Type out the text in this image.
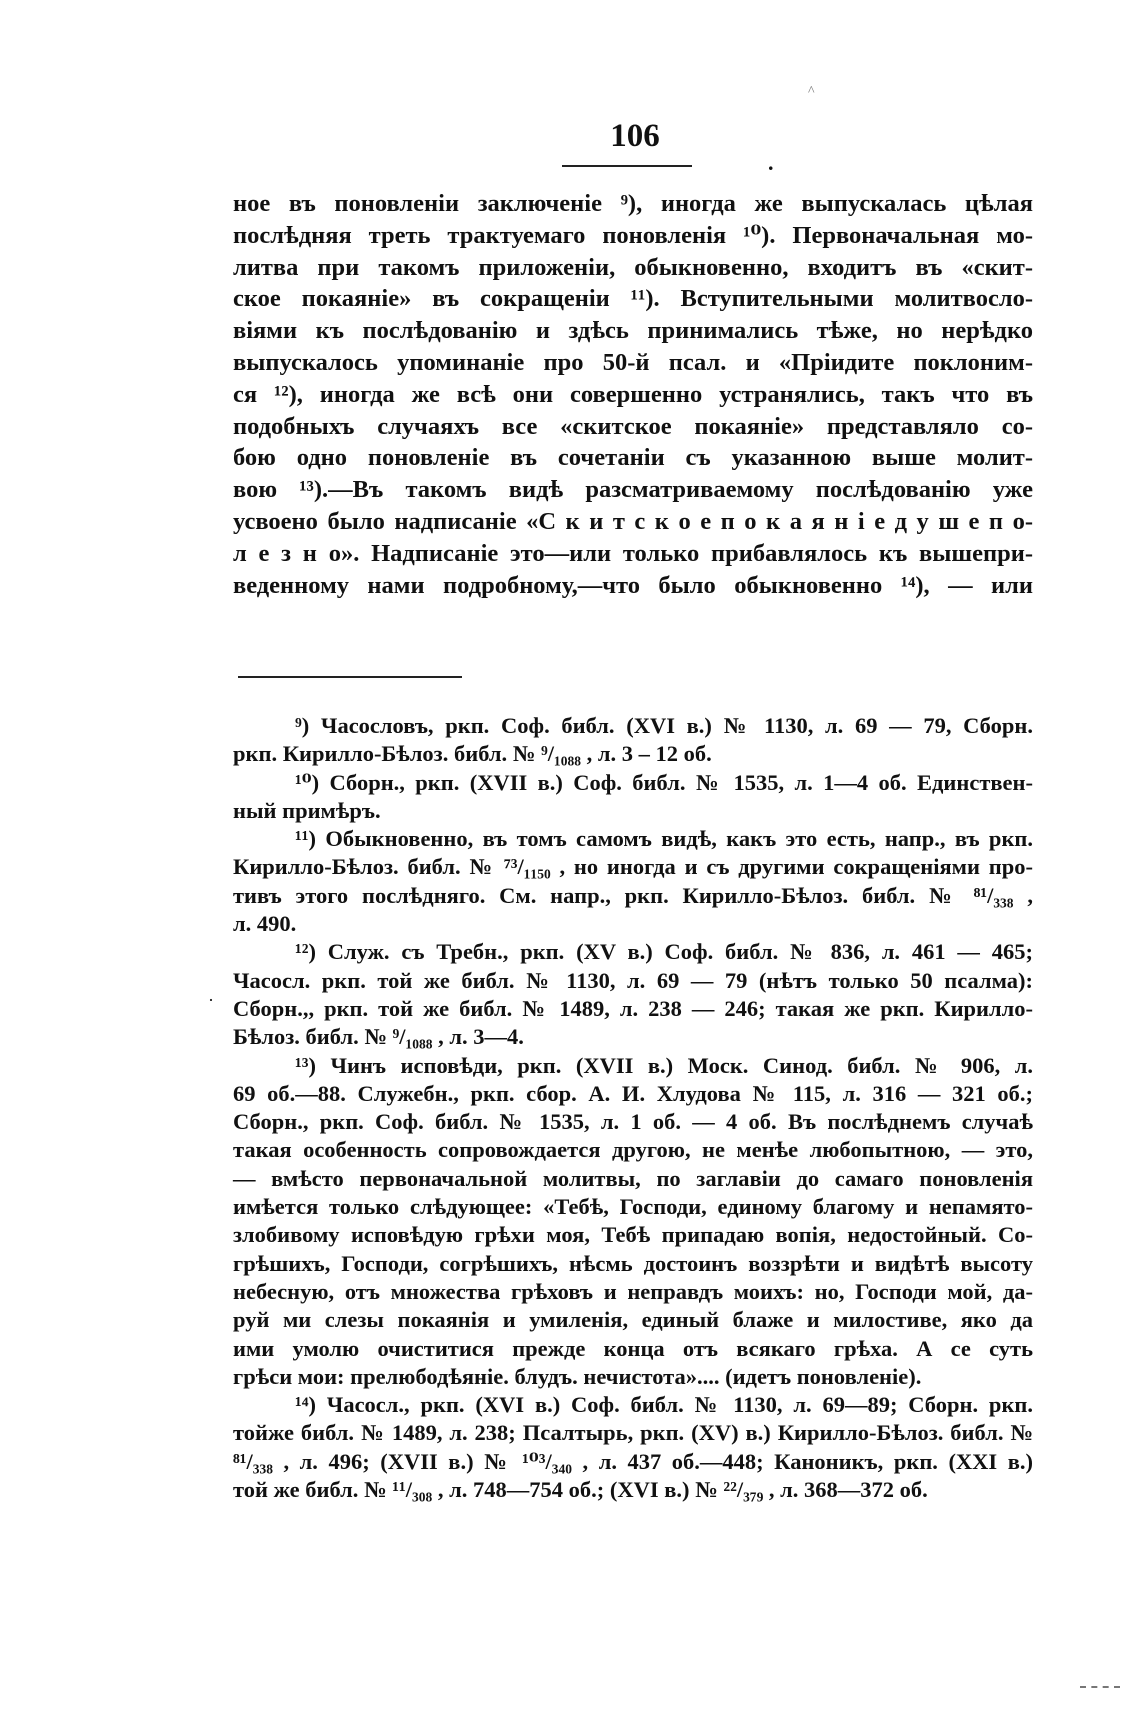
^
106
.
ное въ поновленіи заключеніе ⁹), иногда же выпускалась цѣлая
послѣдняя треть трактуемаго поновленія ¹⁰). Первоначальная мо-
литва при такомъ приложеніи, обыкновенно, входитъ въ «скит-
ское покаяніе» въ сокращеніи ¹¹). Вступительными молитвосло-
віями къ послѣдованію и здѣсь принимались тѣже, но нерѣдко
выпускалось упоминаніе про 50-й псал. и «Пріидите поклоним-
ся ¹²), иногда же всѣ они совершенно устранялись, такъ что въ
подобныхъ случаяхъ все «скитское покаяніе» представляло со-
бою одно поновленіе въ сочетаніи съ указанною выше молит-
вою ¹³).—Въ такомъ видѣ разсматриваемому послѣдованію уже
усвоено было надписаніе «С к и т с к о е п о к а я н і е д у ш е п о-
л е з н о». Надписаніе это—или только прибавлялось къ вышепри-
веденному нами подробному,—что было обыкновенно ¹⁴), — или
·
⁹) Часословъ, ркп. Соф. библ. (XVI в.) № 1130, л. 69 — 79, Сборн.
ркп. Кирилло-Бѣлоз. библ. № ⁹/₁₀₈₈ , л. 3 – 12 об.
¹⁰) Сборн., ркп. (XVII в.) Соф. библ. № 1535, л. 1—4 об. Единствен-
ный примѣръ.
¹¹) Обыкновенно, въ томъ самомъ видѣ, какъ это есть, напр., въ ркп.
Кирилло-Бѣлоз. библ. № ⁷³/₁₁₅₀ , но иногда и съ другими сокращеніями про-
тивъ этого послѣдняго. См. напр., ркп. Кирилло-Бѣлоз. библ. № ⁸¹/₃₃₈ ,
л. 490.
¹²) Служ. съ Требн., ркп. (XV в.) Соф. библ. № 836, л. 461 — 465;
Часосл. ркп. той же библ. № 1130, л. 69 — 79 (нѣтъ только 50 псалма):
Сборн.,, ркп. той же библ. № 1489, л. 238 — 246; такая же ркп. Кирилло-
Бѣлоз. библ. № ⁹/₁₀₈₈ , л. 3—4.
¹³) Чинъ исповѣди, ркп. (XVII в.) Моск. Синод. библ. № 906, л.
69 об.—88. Служебн., ркп. сбор. А. И. Хлудова № 115, л. 316 — 321 об.;
Сборн., ркп. Соф. библ. № 1535, л. 1 об. — 4 об. Въ послѣднемъ случаѣ
такая особенность сопровождается другою, не менѣе любопытною, — это,
— вмѣсто первоначальной молитвы, по заглавіи до самаго поновленія
имѣется только слѣдующее: «Тебѣ, Господи, единому благому и непамято-
злобивому исповѣдую грѣхи моя, Тебѣ припадаю вопія, недостойный. Со-
грѣшихъ, Господи, согрѣшихъ, нѣсмь достоинъ воззрѣти и видѣтѣ высоту
небесную, отъ множества грѣховъ и неправдъ моихъ: но, Господи мой, да-
руй ми слезы покаянія и умиленія, единый блаже и милостиве, яко да
ими умолю очиститися прежде конца отъ всякаго грѣха. А се суть
грѣси мои: прелюбодѣяніе. блудъ. нечистота».... (идетъ поновленіе).
¹⁴) Часосл., ркп. (XVI в.) Соф. библ. № 1130, л. 69—89; Сборн. ркп.
тойже библ. № 1489, л. 238; Псалтырь, ркп. (XV) в.) Кирилло-Бѣлоз. библ. №
⁸¹/₃₃₈ , л. 496; (XVII в.) № ¹⁰³/₃₄₀ , л. 437 об.—448; Каноникъ, ркп. (XXI в.)
той же библ. № ¹¹/₃₀₈ , л. 748—754 об.; (XVI в.) № ²²/₃₇₉ , л. 368—372 об.
